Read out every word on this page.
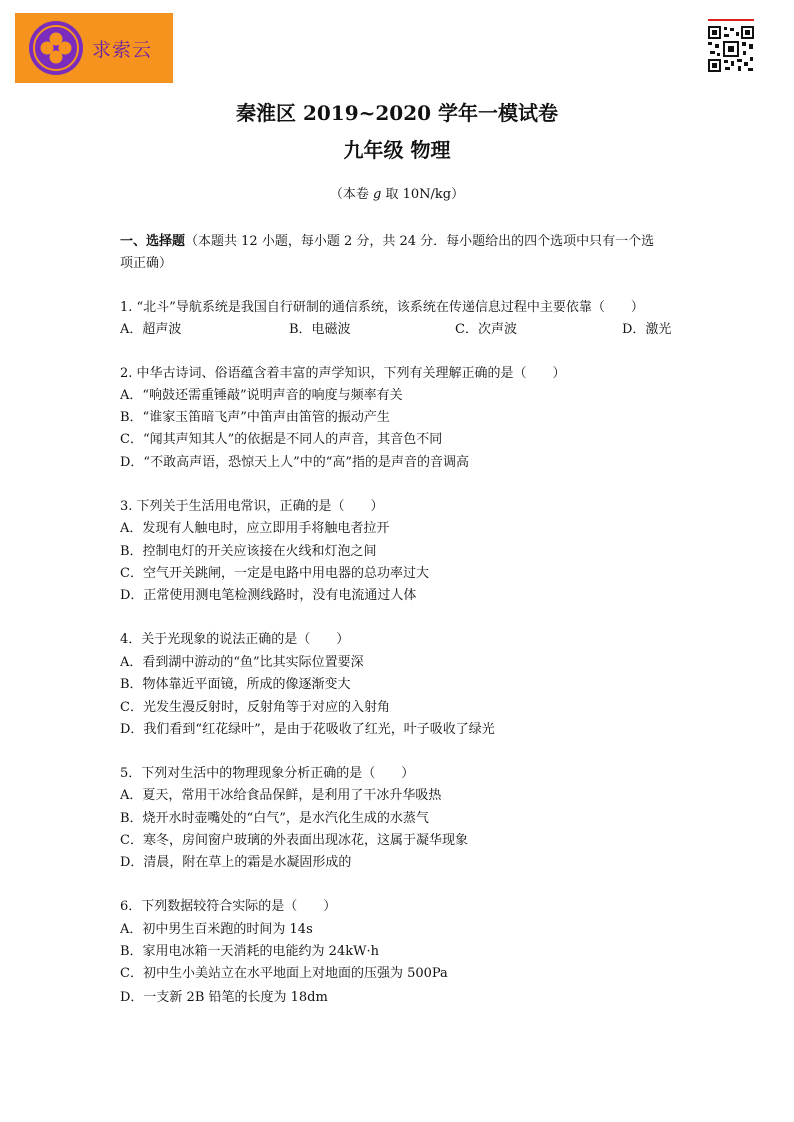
求索云
秦淮区 2019~2020 学年一模试卷
九年级 物理
（本卷 g 取 10N/kg）
一、选择题（本题共 12 小题，每小题 2 分，共 24 分．每小题给出的四个选项中只有一个选
项正确）
1. “北斗”导航系统是我国自行研制的通信系统，该系统在传递信息过程中主要依靠（　　）
A．超声波	B．电磁波	C．次声波	D．激光
2. 中华古诗词、俗语蕴含着丰富的声学知识，下列有关理解正确的是（　　）
A．“响鼓还需重锤敲”说明声音的响度与频率有关
B．“谁家玉笛暗飞声”中笛声由笛管的振动产生
C．“闻其声知其人”的依据是不同人的声音，其音色不同
D．“不敢高声语，恐惊天上人”中的“高”指的是声音的音调高
3. 下列关于生活用电常识，正确的是（　　）
A．发现有人触电时，应立即用手将触电者拉开
B．控制电灯的开关应该接在火线和灯泡之间
C．空气开关跳闸，一定是电路中用电器的总功率过大
D．正常使用测电笔检测线路时，没有电流通过人体
4．关于光现象的说法正确的是（　　）
A．看到湖中游动的“鱼”比其实际位置要深
B．物体靠近平面镜，所成的像逐渐变大
C．光发生漫反射时，反射角等于对应的入射角
D．我们看到“红花绿叶”，是由于花吸收了红光，叶子吸收了绿光
5．下列对生活中的物理现象分析正确的是（　　）
A．夏天，常用干冰给食品保鲜，是利用了干冰升华吸热
B．烧开水时壶嘴处的“白气”，是水汽化生成的水蒸气
C．寒冬，房间窗户玻璃的外表面出现冰花，这属于凝华现象
D．清晨，附在草上的霜是水凝固形成的
6．下列数据较符合实际的是（　　）
A．初中男生百米跑的时间为 14s
B．家用电冰箱一天消耗的电能约为 24kW·h
C．初中生小美站立在水平地面上对地面的压强为 500Pa
D．一支新 2B 铅笔的长度为 18dm
